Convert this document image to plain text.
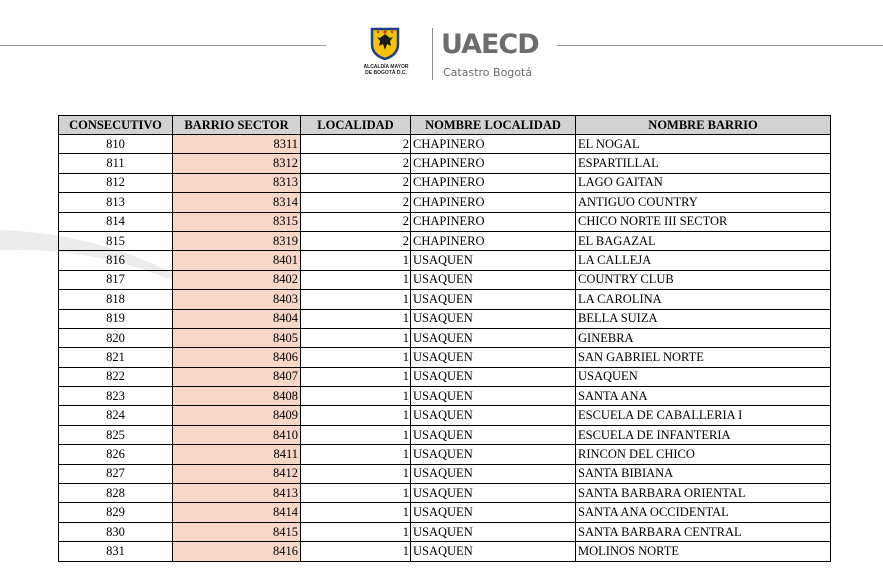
ALCALDÍA MAYOR
DE BOGOTÁ D.C.
UAECD
Catastro Bogotá
CONSECUTIVO	BARRIO SECTOR	LOCALIDAD	NOMBRE LOCALIDAD	NOMBRE BARRIO
810	8311	2	CHAPINERO	EL NOGAL
811	8312	2	CHAPINERO	ESPARTILLAL
812	8313	2	CHAPINERO	LAGO GAITAN
813	8314	2	CHAPINERO	ANTIGUO COUNTRY
814	8315	2	CHAPINERO	CHICO NORTE III SECTOR
815	8319	2	CHAPINERO	EL BAGAZAL
816	8401	1	USAQUEN	LA CALLEJA
817	8402	1	USAQUEN	COUNTRY CLUB
818	8403	1	USAQUEN	LA CAROLINA
819	8404	1	USAQUEN	BELLA SUIZA
820	8405	1	USAQUEN	GINEBRA
821	8406	1	USAQUEN	SAN GABRIEL NORTE
822	8407	1	USAQUEN	USAQUEN
823	8408	1	USAQUEN	SANTA ANA
824	8409	1	USAQUEN	ESCUELA DE CABALLERIA I
825	8410	1	USAQUEN	ESCUELA DE INFANTERIA
826	8411	1	USAQUEN	RINCON DEL CHICO
827	8412	1	USAQUEN	SANTA BIBIANA
828	8413	1	USAQUEN	SANTA BARBARA ORIENTAL
829	8414	1	USAQUEN	SANTA ANA OCCIDENTAL
830	8415	1	USAQUEN	SANTA BARBARA CENTRAL
831	8416	1	USAQUEN	MOLINOS NORTE
